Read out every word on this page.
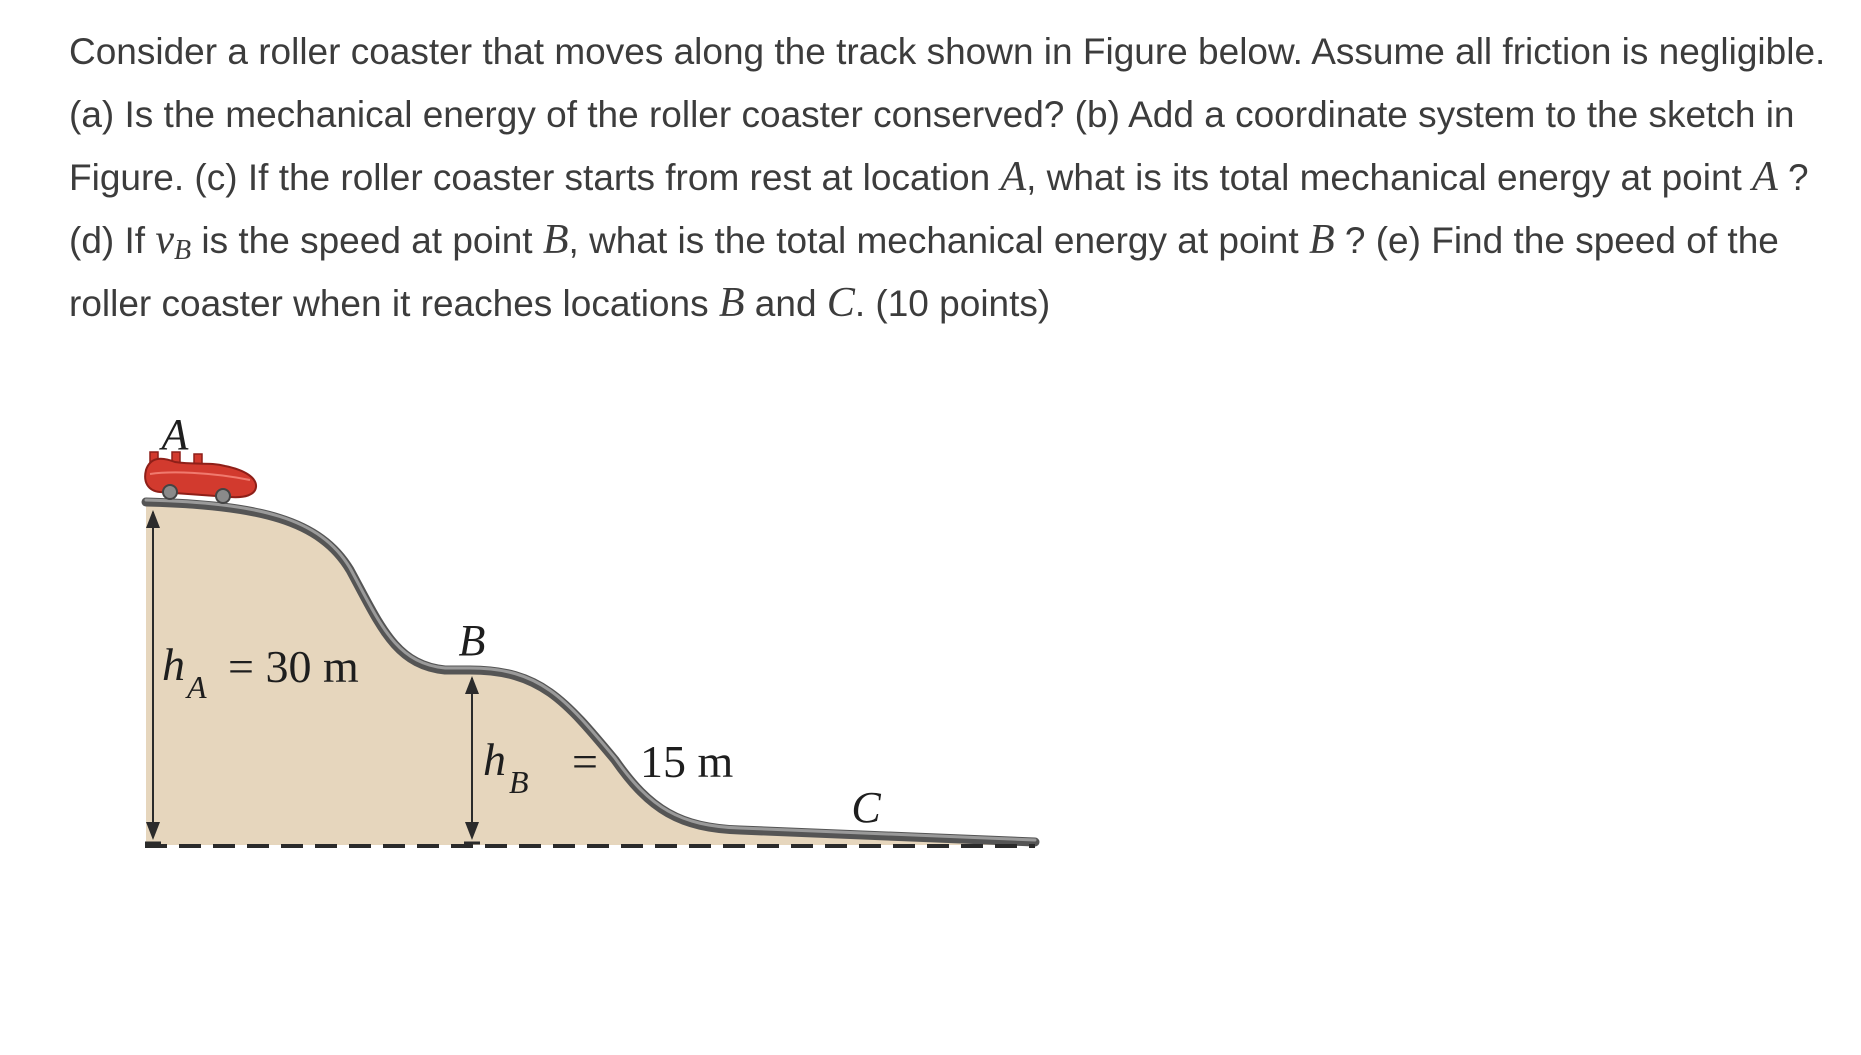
Consider a roller coaster that moves along the track shown in Figure below. Assume all friction is negligible. (a) Is the mechanical energy of the roller coaster conserved? (b) Add a coordinate system to the sketch in Figure. (c) If the roller coaster starts from rest at location A, what is its total mechanical energy at point A ? (d) If $v_B$ is the speed at point B, what is the total mechanical energy at point B ? (e) Find the speed of the roller coaster when it reaches locations B and C. (10 points)

A
B
C
h A = 30 m
h B = 15 m
